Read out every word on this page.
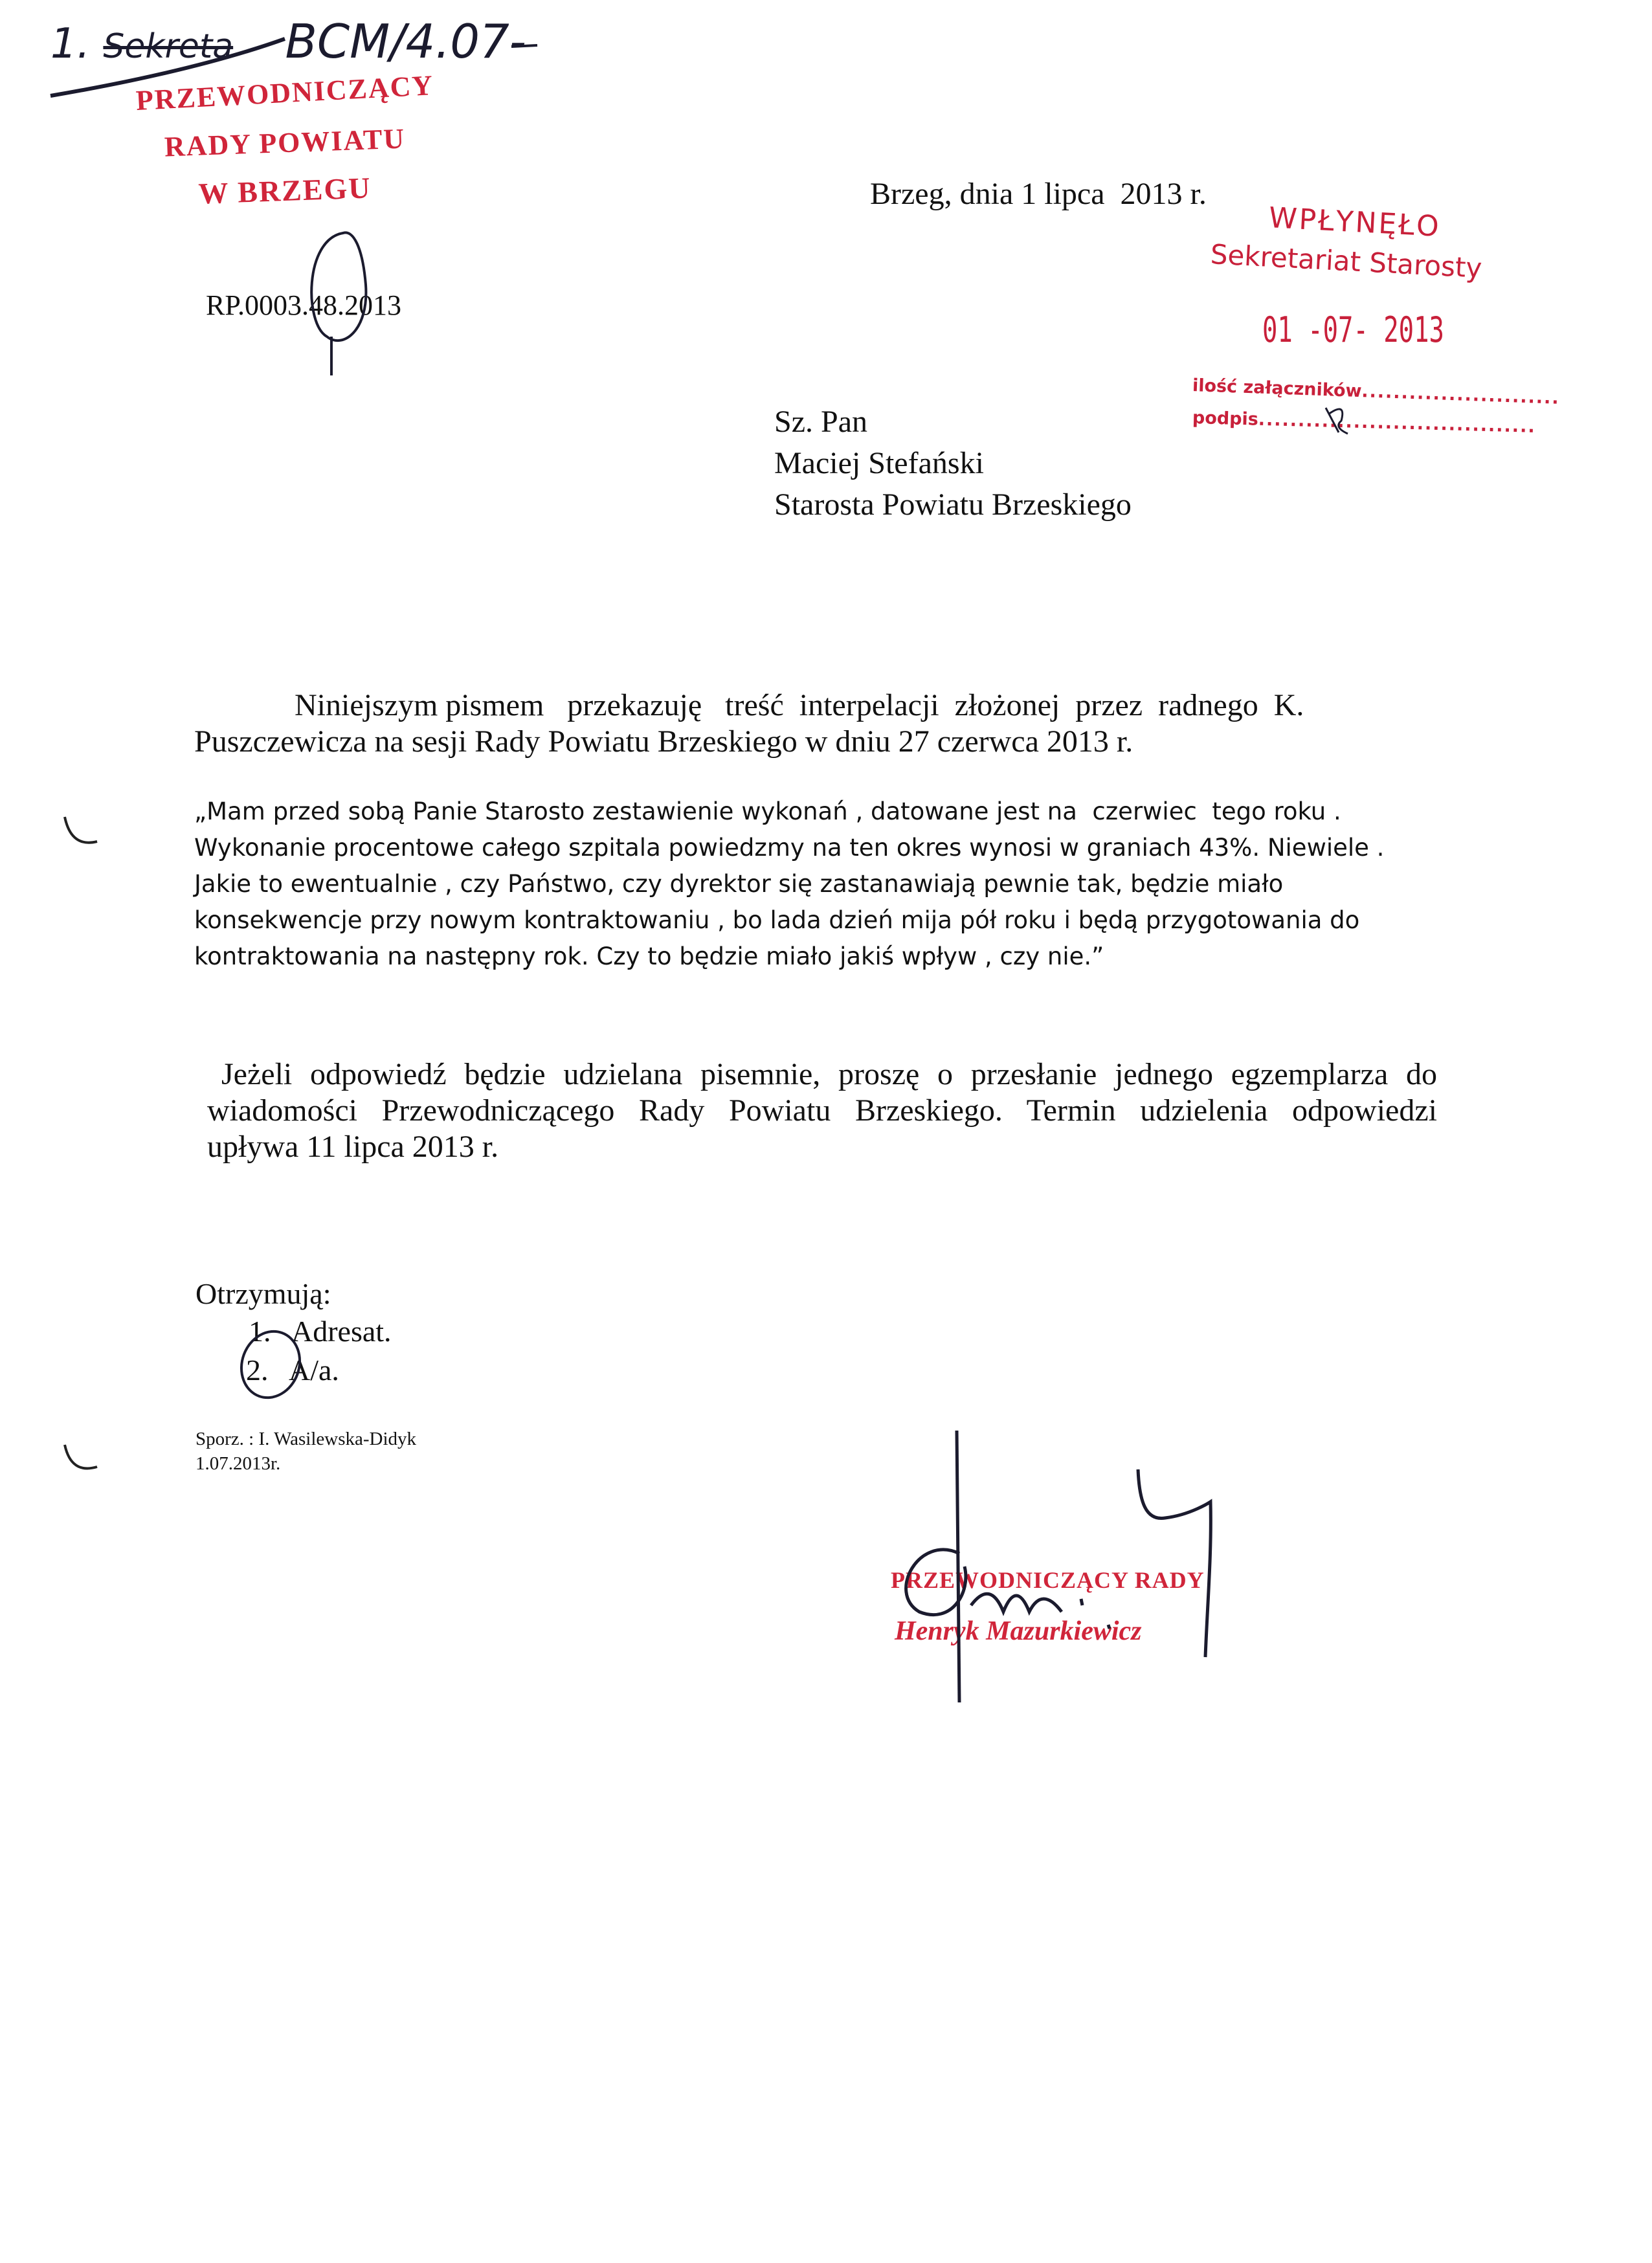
1. Sekreta BCM/4.07-
PRZEWODNICZĄCY
RADY POWIATU
W BRZEGU
RP.0003.48.2013
Brzeg, dnia 1 lipca  2013 r.
WPŁYNĘŁO
Sekretariat Starosty
01 -07- 2013
ilość załączników.........................
podpis...................................
Sz. Pan
Maciej Stefański
Starosta Powiatu Brzeskiego
Niniejszym pismem   przekazuję   treść  interpelacji  złożonej  przez  radnego  K.
Puszczewicza na sesji Rady Powiatu Brzeskiego w dniu 27 czerwca 2013 r.
„Mam przed sobą Panie Starosto zestawienie wykonań , datowane jest na  czerwiec  tego roku .
Wykonanie procentowe całego szpitala powiedzmy na ten okres wynosi w graniach 43%. Niewiele .
Jakie to ewentualnie , czy Państwo, czy dyrektor się zastanawiają pewnie tak, będzie miało
konsekwencje przy nowym kontraktowaniu , bo lada dzień mija pół roku i będą przygotowania do
kontraktowania na następny rok. Czy to będzie miało jakiś wpływ , czy nie.”
Jeżeli odpowiedź będzie udzielana pisemnie, proszę o przesłanie jednego egzemplarza do
wiadomości Przewodniczącego Rady Powiatu Brzeskiego. Termin udzielenia odpowiedzi
upływa 11 lipca 2013 r.
Otrzymują:
1. Adresat.
2. A/a.
Sporz. : I. Wasilewska-Didyk
1.07.2013r.
PRZEWODNICZĄCY RADY
Henryk Mazurkiewicz
